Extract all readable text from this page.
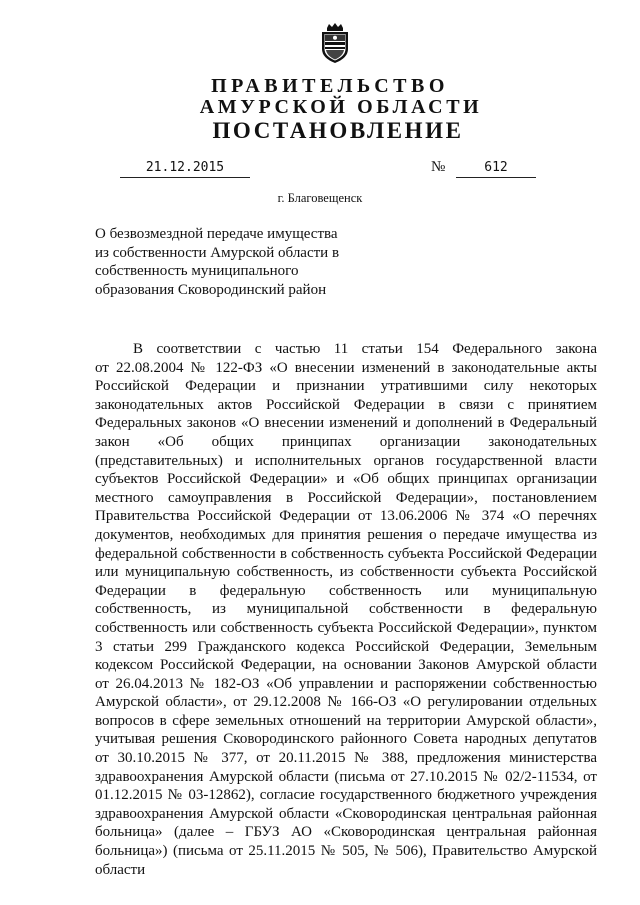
ПРАВИТЕЛЬСТВО
АМУРСКОЙ ОБЛАСТИ
ПОСТАНОВЛЕНИЕ
21.12.2015	№	612
г. Благовещенск
О безвозмездной передаче имущества
из собственности Амурской области в
собственность муниципального
образования Сковородинский район
В соответствии с частью 11 статьи 154 Федерального закона
от 22.08.2004 № 122-ФЗ «О внесении изменений в законодательные акты
Российской Федерации и признании утратившими силу некоторых
законодательных актов Российской Федерации в связи с принятием
Федеральных законов «О внесении изменений и дополнений в Федеральный
закон «Об общих принципах организации законодательных
(представительных) и исполнительных органов государственной власти
субъектов Российской Федерации» и «Об общих принципах организации
местного самоуправления в Российской Федерации», постановлением
Правительства Российской Федерации от 13.06.2006 № 374 «О перечнях
документов, необходимых для принятия решения о передаче имущества из
федеральной собственности в собственность субъекта Российской Федерации
или муниципальную собственность, из собственности субъекта Российской
Федерации в федеральную собственность или муниципальную
собственность, из муниципальной собственности в федеральную
собственность или собственность субъекта Российской Федерации», пунктом
3 статьи 299 Гражданского кодекса Российской Федерации, Земельным
кодексом Российской Федерации, на основании Законов Амурской области
от 26.04.2013 № 182-ОЗ «Об управлении и распоряжении собственностью
Амурской области», от 29.12.2008 № 166-ОЗ «О регулировании отдельных
вопросов в сфере земельных отношений на территории Амурской области»,
учитывая решения Сковородинского районного Совета народных депутатов
от 30.10.2015 № 377, от 20.11.2015 № 388, предложения министерства
здравоохранения Амурской области (письма от 27.10.2015 № 02/2-11534, от
01.12.2015 № 03-12862), согласие государственного бюджетного учреждения
здравоохранения Амурской области «Сковородинская центральная районная
больница» (далее – ГБУЗ АО «Сковородинская центральная районная
больница») (письма от 25.11.2015 № 505, № 506), Правительство Амурской
области
